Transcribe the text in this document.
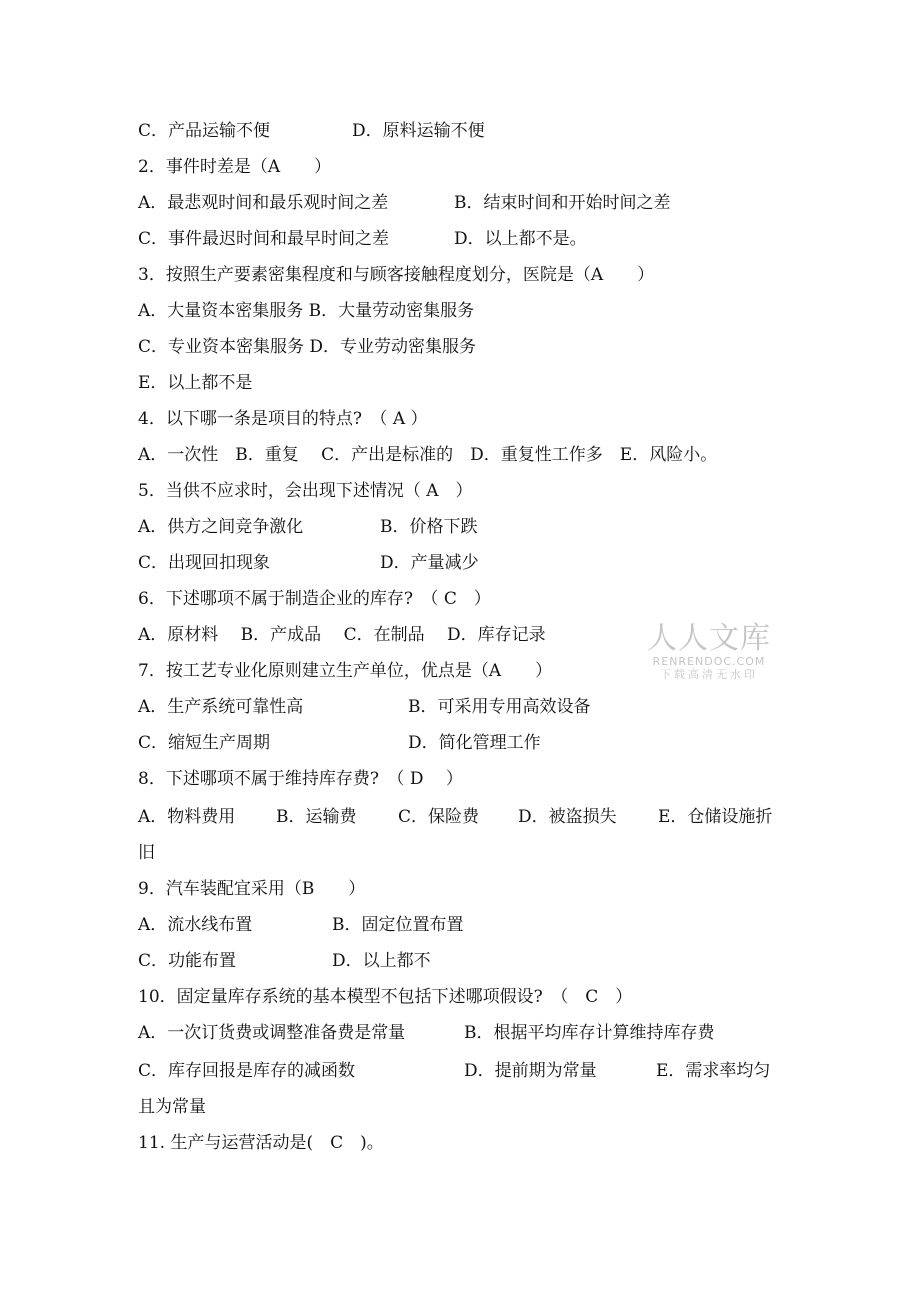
人人文库
RENRENDOC.COM
下载高清无水印
C．产品运输不便	D．原料运输不便
2．事件时差是（A　　）
A．最悲观时间和最乐观时间之差	B．结束时间和开始时间之差
C．事件最迟时间和最早时间之差	D．以上都不是。
3．按照生产要素密集程度和与顾客接触程度划分，医院是（A　　）
A．大量资本密集服务 B．大量劳动密集服务
C．专业资本密集服务 D．专业劳动密集服务
E．以上都不是
4．以下哪一条是项目的特点?　（ A ）
A．一次性　B．重复　 C．产出是标准的　D．重复性工作多　E．风险小。
5．当供不应求时，会出现下述情况（ A　）
A．供方之间竞争激化	B．价格下跌
C．出现回扣现象	D．产量减少
6．下述哪项不属于制造企业的库存?　（ C　）
A．原材料　 B．产成品　 C．在制品　 D．库存记录
7．按工艺专业化原则建立生产单位，优点是（A　　）
A．生产系统可靠性高	B．可采用专用高效设备
C．缩短生产周期	D．简化管理工作
8．下述哪项不属于维持库存费?　（ D　 ）
A．物料费用 B．运输费 C．保险费 D．被盗损失 E．仓储设施折
旧
9．汽车装配宜采用（B　　）
A．流水线布置	B．固定位置布置
C．功能布置	D．以上都不
10．固定量库存系统的基本模型不包括下述哪项假设?　（　C　）
A．一次订货费或调整准备费是常量	B．根据平均库存计算维持库存费
C．库存回报是库存的减函数	D．提前期为常量	E．需求率均匀
且为常量
11. 生产与运营活动是(　C　)。
